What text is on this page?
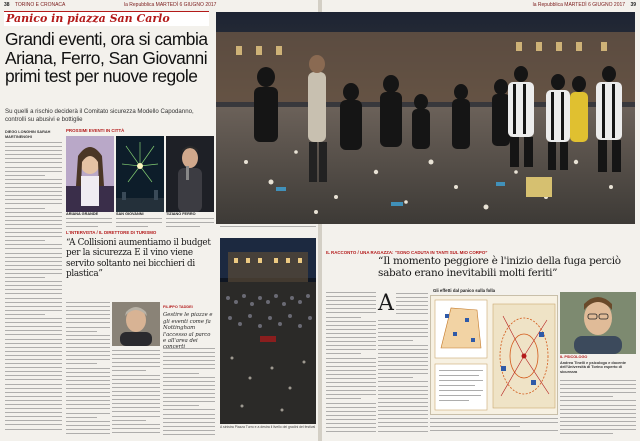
38 TORINO E CRONACA	la Repubblica MARTEDÌ 6 GIUGNO 2017	la Repubblica MARTEDÌ 6 GIUGNO 2017 39
Panico in piazza San Carlo
Grandi eventi, ora si cambia Ariana, Ferro, San Giovanni primi test per nuove regole
Su quelli a rischio deciderà il Comitato sicurezza Modello Capodanno, controlli su abusivi e bottiglie
DIEGO LONGHIN SARAH MARTINENGHI
PROSSIMI EVENTI IN CITTÀ
ARIANA GRANDE	SAN GIOVANNI	TIZIANO FERRO
L'INTERVISTA / IL DIRETTORE DI TURISMO
“A Collisioni aumentiamo il budget per la sicurezza E il vino viene servito soltanto nei bicchieri di plastica”
FILIPPO TADDEI
Gestire le piazze e gli eventi come fa Nottingham l'accesso al parco e all'area dei
A sinistra Piazza Turro e a destra il livello dei gradini del festival
IL RACCONTO / UNA RAGAZZA: “SONO CADUTA IN TANTI SUL MIO CORPO”
“Il momento peggiore è l'inizio della fuga perciò sabato erano inevitabili molti feriti”
A
Gli effetti dal panico sulla folla
IL PSICOLOGO
Andrea Tinelli e psicologo e docente dell'Università di Torino esperto di sicurezza
